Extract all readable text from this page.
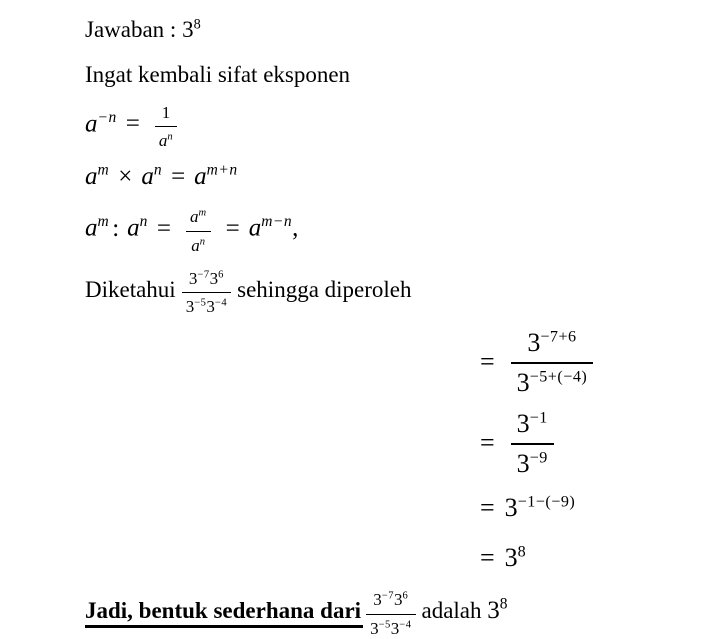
Jawaban : $3^8$
Ingat kembali sifat eksponen
$a^{-n} = \frac{1}{a^n}$
$a^m \times a^n = a^{m+n}$
$a^m$ : $a^n = \frac{a^m}{a^n} = a^{m-n}$,
Diketahui $\frac{3^{-7}3^6}{3^{-5}3^{-4}}$ sehingga diperoleh
= $\frac{3^{-7+6}}{3^{-5+(-4)}}$
= $\frac{3^{-1}}{3^{-9}}$
= $3^{-1-(-9)}$
= $3^8$
Jadi, bentuk sederhana dari $\frac{3^{-7}3^6}{3^{-5}3^{-4}}$ adalah $3^8$
